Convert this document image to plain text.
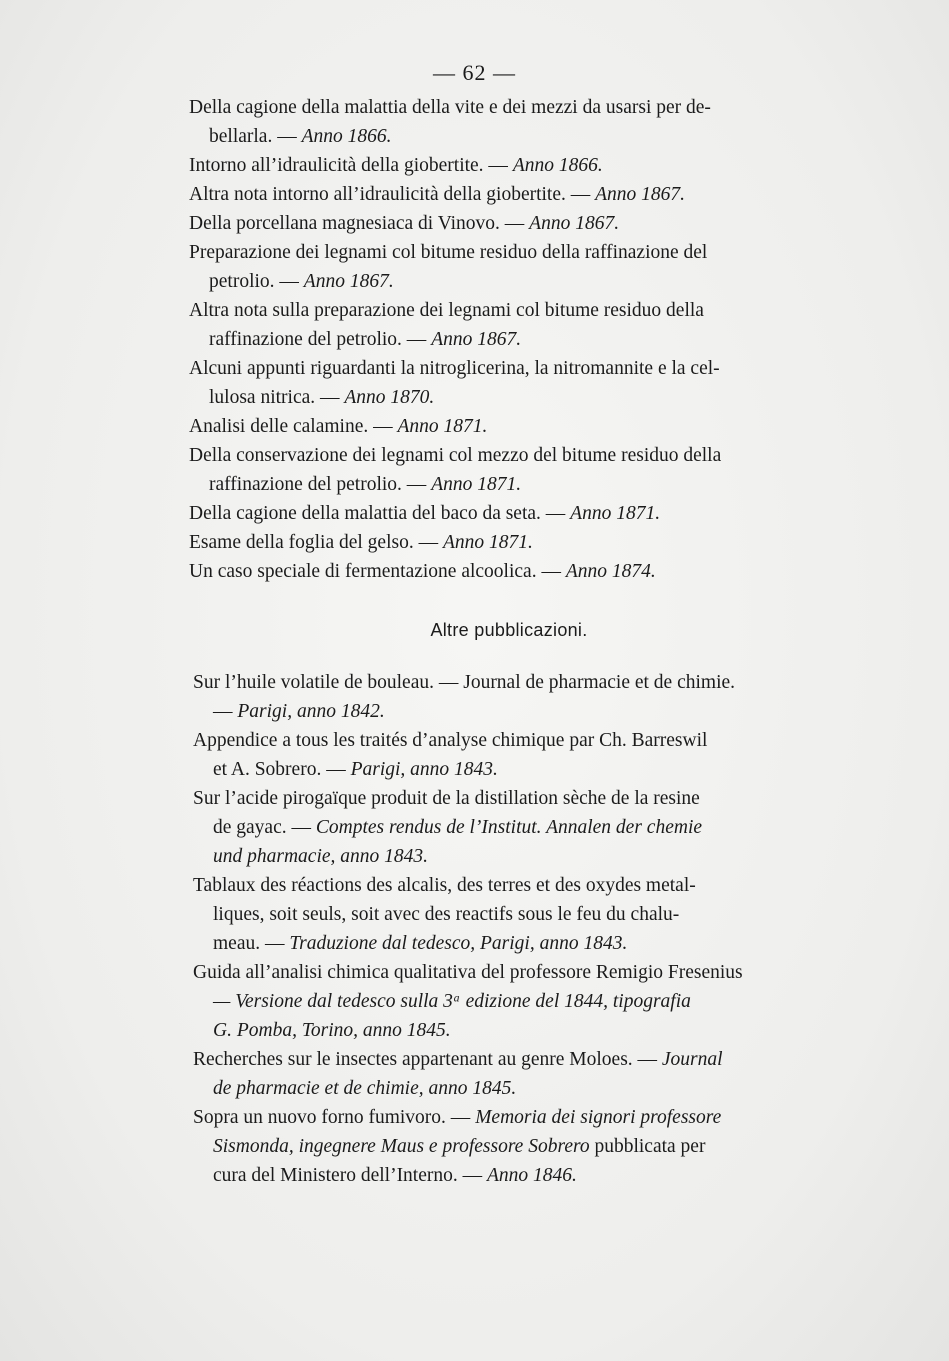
— 62 —
Della cagione della malattia della vite e dei mezzi da usarsi per de-
bellarla. — Anno 1866.
Intorno all’idraulicità della giobertite. — Anno 1866.
Altra nota intorno all’idraulicità della giobertite. — Anno 1867.
Della porcellana magnesiaca di Vinovo. — Anno 1867.
Preparazione dei legnami col bitume residuo della raffinazione del
petrolio. — Anno 1867.
Altra nota sulla preparazione dei legnami col bitume residuo della
raffinazione del petrolio. — Anno 1867.
Alcuni appunti riguardanti la nitroglicerina, la nitromannite e la cel-
lulosa nitrica. — Anno 1870.
Analisi delle calamine. — Anno 1871.
Della conservazione dei legnami col mezzo del bitume residuo della
raffinazione del petrolio. — Anno 1871.
Della cagione della malattia del baco da seta. — Anno 1871.
Esame della foglia del gelso. — Anno 1871.
Un caso speciale di fermentazione alcoolica. — Anno 1874.
Altre pubblicazioni.
Sur l’huile volatile de bouleau. — Journal de pharmacie et de chimie.
— Parigi, anno 1842.
Appendice a tous les traités d’analyse chimique par Ch. Barreswil
et A. Sobrero. — Parigi, anno 1843.
Sur l’acide pirogaïque produit de la distillation sèche de la resine
de gayac. — Comptes rendus de l’Institut. Annalen der chemie
und pharmacie, anno 1843.
Tablaux des réactions des alcalis, des terres et des oxydes metal-
liques, soit seuls, soit avec des reactifs sous le feu du chalu-
meau. — Traduzione dal tedesco, Parigi, anno 1843.
Guida all’analisi chimica qualitativa del professore Remigio Fresenius
— Versione dal tedesco sulla 3ᵃ edizione del 1844, tipografia
G. Pomba, Torino, anno 1845.
Recherches sur le insectes appartenant au genre Moloes. — Journal
de pharmacie et de chimie, anno 1845.
Sopra un nuovo forno fumivoro. — Memoria dei signori professore
Sismonda, ingegnere Maus e professore Sobrero pubblicata per
cura del Ministero dell’Interno. — Anno 1846.
